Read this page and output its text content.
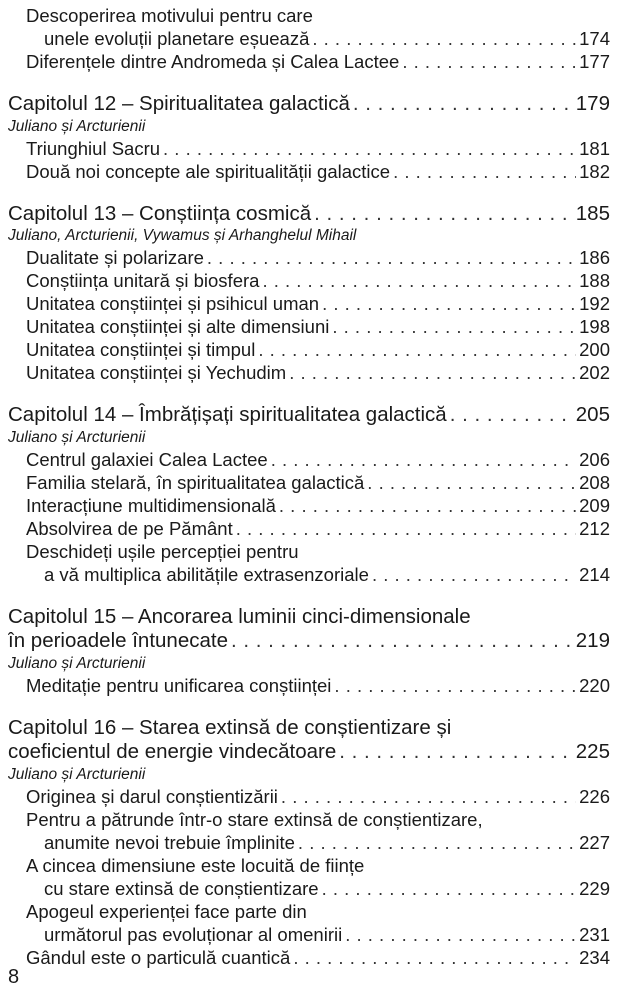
Descoperirea motivului pentru care
unele evoluții planetare eșuează . . .	174
Diferențele dintre Andromeda și Calea Lactee . . .	177
Capitolul 12 – Spiritualitatea galactică . . .	179
Juliano și Arcturienii
Triunghiul Sacru . . .	181
Două noi concepte ale spiritualității galactice . . .	182
Capitolul 13 – Conștiința cosmică . . .	185
Juliano, Arcturienii, Vywamus și Arhanghelul Mihail
Dualitate și polarizare . . .	186
Conștiința unitară și biosfera . . .	188
Unitatea conștiinței și psihicul uman . . .	192
Unitatea conștiinței și alte dimensiuni . . .	198
Unitatea conștiinței și timpul . . .	200
Unitatea conștiinței și Yechudim . . .	202
Capitolul 14 – Îmbrățișați spiritualitatea galactică . . .	205
Juliano și Arcturienii
Centrul galaxiei Calea Lactee . . .	206
Familia stelară, în spiritualitatea galactică . . .	208
Interacțiune multidimensională . . .	209
Absolvirea de pe Pământ . . .	212
Deschideți ușile percepției pentru
a vă multiplica abilitățile extrasenzoriale . . .	214
Capitolul 15 – Ancorarea luminii cinci-dimensionale
în perioadele întunecate . . .	219
Juliano și Arcturienii
Meditație pentru unificarea conștiinței . . .	220
Capitolul 16 – Starea extinsă de conștientizare și
coeficientul de energie vindecătoare . . .	225
Juliano și Arcturienii
Originea și darul conștientizării . . .	226
Pentru a pătrunde într-o stare extinsă de conștientizare,
anumite nevoi trebuie împlinite . . .	227
A cincea dimensiune este locuită de ființe
cu stare extinsă de conștientizare . . .	229
Apogeul experienței face parte din
următorul pas evoluționar al omenirii . . .	231
Gândul este o particulă cuantică . . .	234
8
